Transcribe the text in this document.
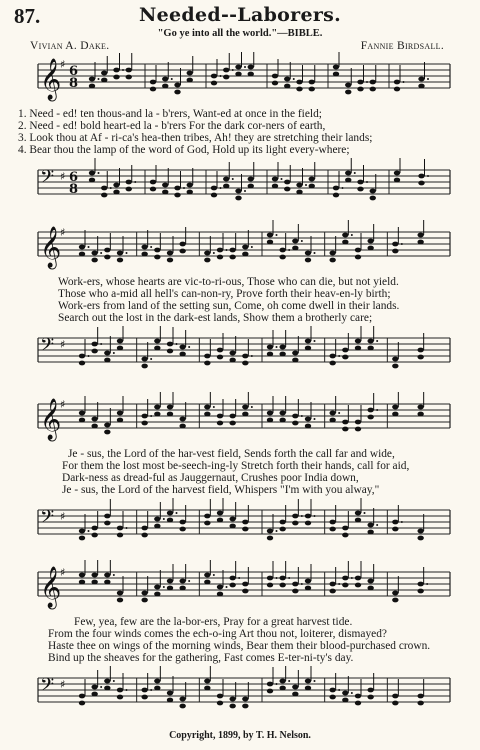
87.	Needed--Laborers.
"Go ye into all the world."—BIBLE.
Vivian A. Dake.	Fannie Birdsall.
𝄞
♯ 6
8
1. Need - ed! ten thous-and la - b'rers, Want-ed at once in the field;
2. Need - ed! bold heart-ed la - b'rers For the dark cor-ners of earth,
3. Look thou at Af - ri-ca's hea-then tribes, Ah! they are stretching their lands;
4. Bear thou the lamp of the word of God, Hold up its light every-where;
𝄢 ♯ 6
8
𝄞
♯
Work-ers, whose hearts are vic-to-ri-ous, Those who can die, but not yield.
Those who a-mid all hell's can-non-ry, Prove forth their heav-en-ly birth;
Work-ers from land of the setting sun, Come, oh come dwell in their lands.
Search out the lost in the dark-est lands, Show them a brotherly care;
𝄢 ♯
𝄞
♯
Je - sus, the Lord of the har-vest field, Sends forth the call far and wide,
For them the lost most be-seech-ing-ly Stretch forth their hands, call for aid,
Dark-ness as dread-ful as Jauggernaut, Crushes poor India down,
Je - sus, the Lord of the harvest field, Whispers "I'm with you alway,"
𝄢 ♯
𝄞
♯
Few, yea, few are the la-bor-ers, Pray for a great harvest tide.
From the four winds comes the ech-o-ing Art thou not, loiterer, dismayed?
Haste thee on wings of the morning winds, Bear them their blood-purchased crown.
Bind up the sheaves for the gathering, Fast comes E-ter-ni-ty's day.
𝄢 ♯
Copyright, 1899, by T. H. Nelson.
